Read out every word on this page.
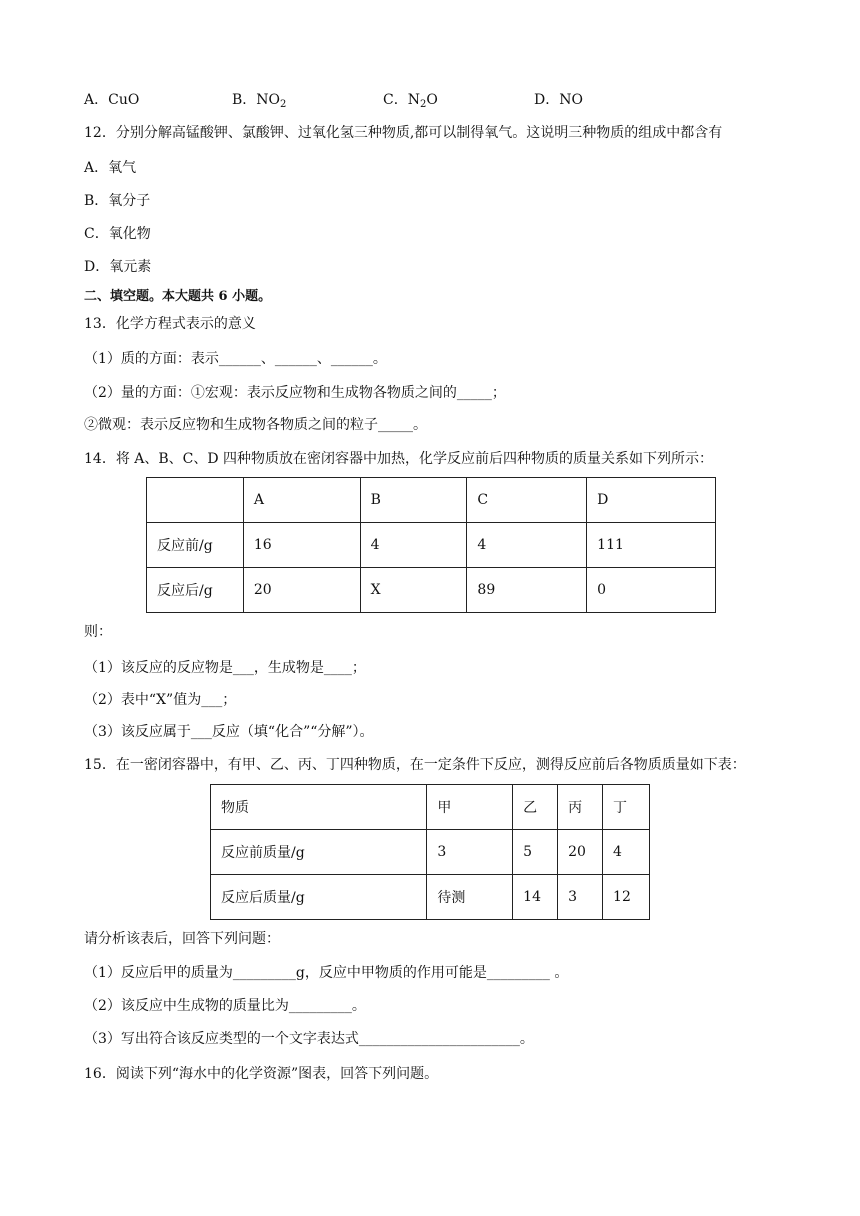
A．CuO	B．$NO_2$	C．$N_2O$	D．NO
12．分别分解高锰酸钾、氯酸钾、过氧化氢三种物质,都可以制得氧气。这说明三种物质的组成中都含有
A．氧气
B．氧分子
C．氧化物
D．氧元素
二、填空题。本大题共 6 小题。
13．化学方程式表示的意义
（1）质的方面：表示______、______、______。
（2）量的方面：①宏观：表示反应物和生成物各物质之间的_____；
②微观：表示反应物和生成物各物质之间的粒子_____。
14．将 A、B、C、D 四种物质放在密闭容器中加热，化学反应前后四种物质的质量关系如下列所示：
	A	B	C	D
反应前/g	16	4	4	111
反应后/g	20	X	89	0
则：
（1）该反应的反应物是___，生成物是____；
（2）表中“X”值为___；
（3）该反应属于___反应（填“化合”“分解”）。
15．在一密闭容器中，有甲、乙、丙、丁四种物质，在一定条件下反应，测得反应前后各物质质量如下表：
物质	甲	乙	丙	丁
反应前质量/g	3	5	20	4
反应后质量/g	待测	14	3	12
请分析该表后，回答下列问题：
（1）反应后甲的质量为_________g，反应中甲物质的作用可能是_________ 。
（2）该反应中生成物的质量比为_________。
（3）写出符合该反应类型的一个文字表达式_______________________。
16．阅读下列“海水中的化学资源”图表，回答下列问题。
